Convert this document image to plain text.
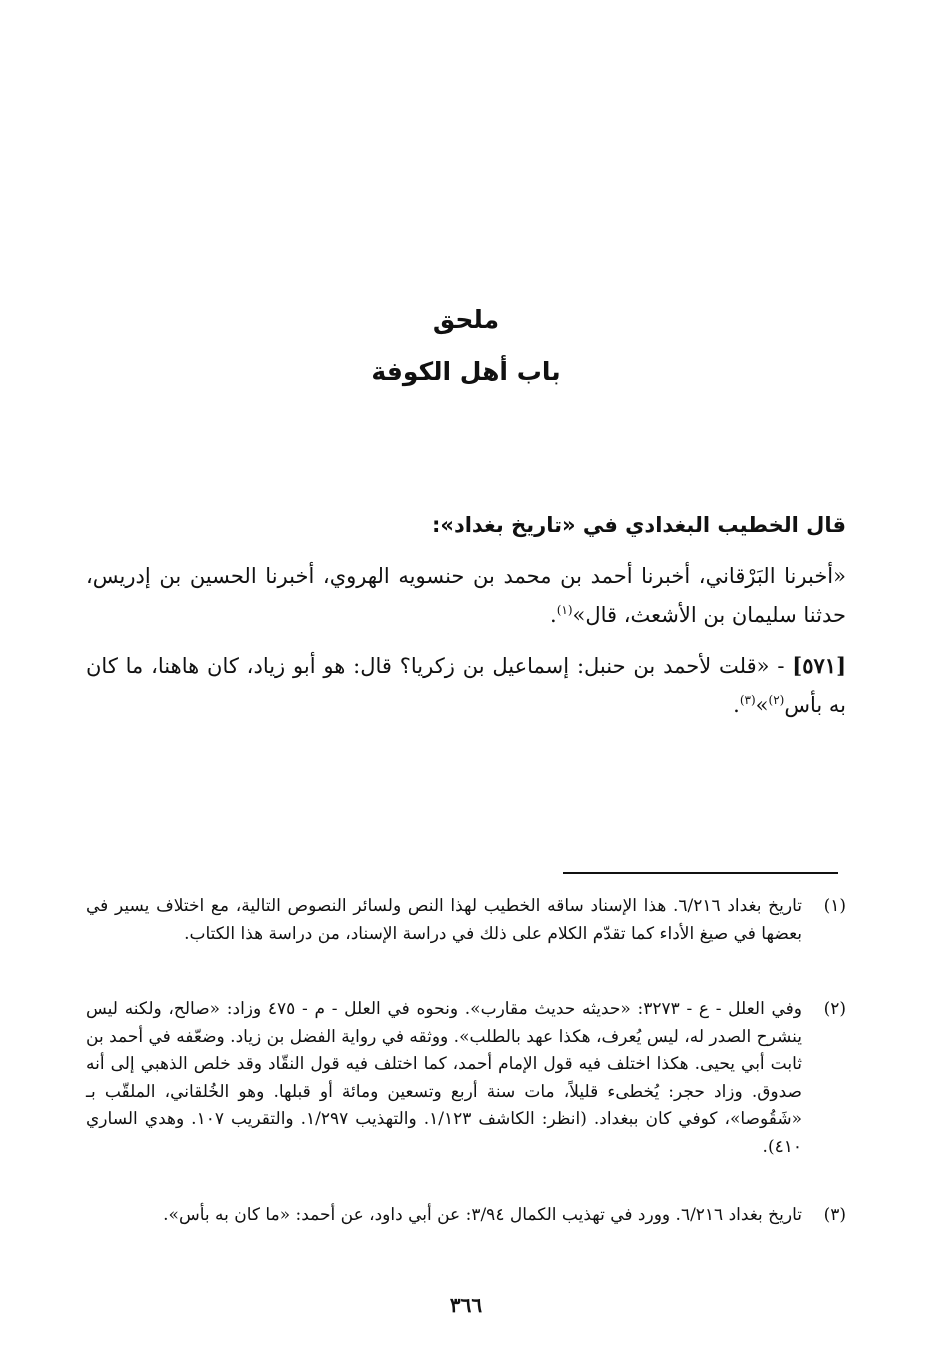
ملحق
باب أهل الكوفة
قال الخطيب البغدادي في «تاريخ بغداد»:
«أخبرنا البَرْقاني، أخبرنا أحمد بن محمد بن حنسويه الهروي، أخبرنا الحسين بن إدريس، حدثنا سليمان بن الأشعث، قال»$^{(١)}$.
[٥٧١] - «قلت لأحمد بن حنبل: إسماعيل بن زكريا؟ قال: هو أبو زياد، كان هاهنا، ما كان به بأس$^{(٢)}$»$^{(٣)}$.
(١)
تاريخ بغداد ٦/٢١٦. هذا الإسناد ساقه الخطيب لهذا النص ولسائر النصوص التالية، مع اختلاف يسير في بعضها في صيغ الأداء كما تقدّم الكلام على ذلك في دراسة الإسناد، من دراسة هذا الكتاب.
(٢)
وفي العلل - ع - ٣٢٧٣: «حديثه حديث مقارب». ونحوه في العلل - م - ٤٧٥ وزاد: «صالح، ولكنه ليس ينشرح الصدر له، ليس يُعرف، هكذا عهد بالطلب». ووثقه في رواية الفضل بن زياد. وضعّفه في أحمد بن ثابت أبي يحيى. هكذا اختلف فيه قول الإمام أحمد، كما اختلف فيه قول النقّاد وقد خلص الذهبي إلى أنه صدوق. وزاد حجر: يُخطىء قليلاً، مات سنة أربع وتسعين ومائة أو قبلها. وهو الخُلقاني، الملقّب بـ «شَقُوصا»، كوفي كان ببغداد. (انظر: الكاشف ١/١٢٣. والتهذيب ١/٢٩٧. والتقريب ١٠٧. وهدي الساري ٤١٠).
(٣)
تاريخ بغداد ٦/٢١٦. وورد في تهذيب الكمال ٣/٩٤: عن أبي داود، عن أحمد: «ما كان به بأس».
٣٦٦
